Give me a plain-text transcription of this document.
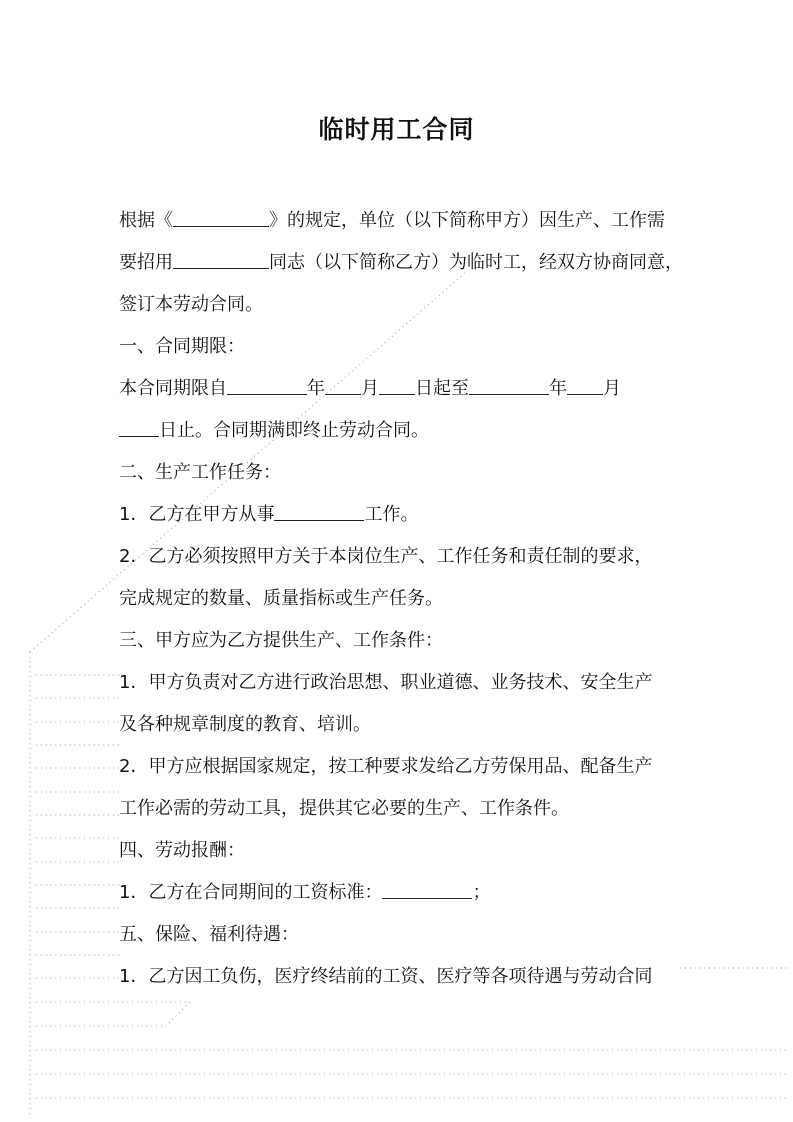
临时用工合同
根据《	》的规定，单位（以下简称甲方）因生产、工作需
要招用	同志（以下简称乙方）为临时工，经双方协商同意，
签订本劳动合同。
一、合同期限：
本合同期限自	年 月 日起至	年 月
日止。合同期满即终止劳动合同。
二、生产工作任务：
1．乙方在甲方从事	工作。
2．乙方必须按照甲方关于本岗位生产、工作任务和责任制的要求，
完成规定的数量、质量指标或生产任务。
三、甲方应为乙方提供生产、工作条件：
1．甲方负责对乙方进行政治思想、职业道德、业务技术、安全生产
及各种规章制度的教育、培训。
2．甲方应根据国家规定，按工种要求发给乙方劳保用品、配备生产
工作必需的劳动工具，提供其它必要的生产、工作条件。
四、劳动报酬：
1．乙方在合同期间的工资标准：	；
五、保险、福利待遇：
1．乙方因工负伤，医疗终结前的工资、医疗等各项待遇与劳动合同
